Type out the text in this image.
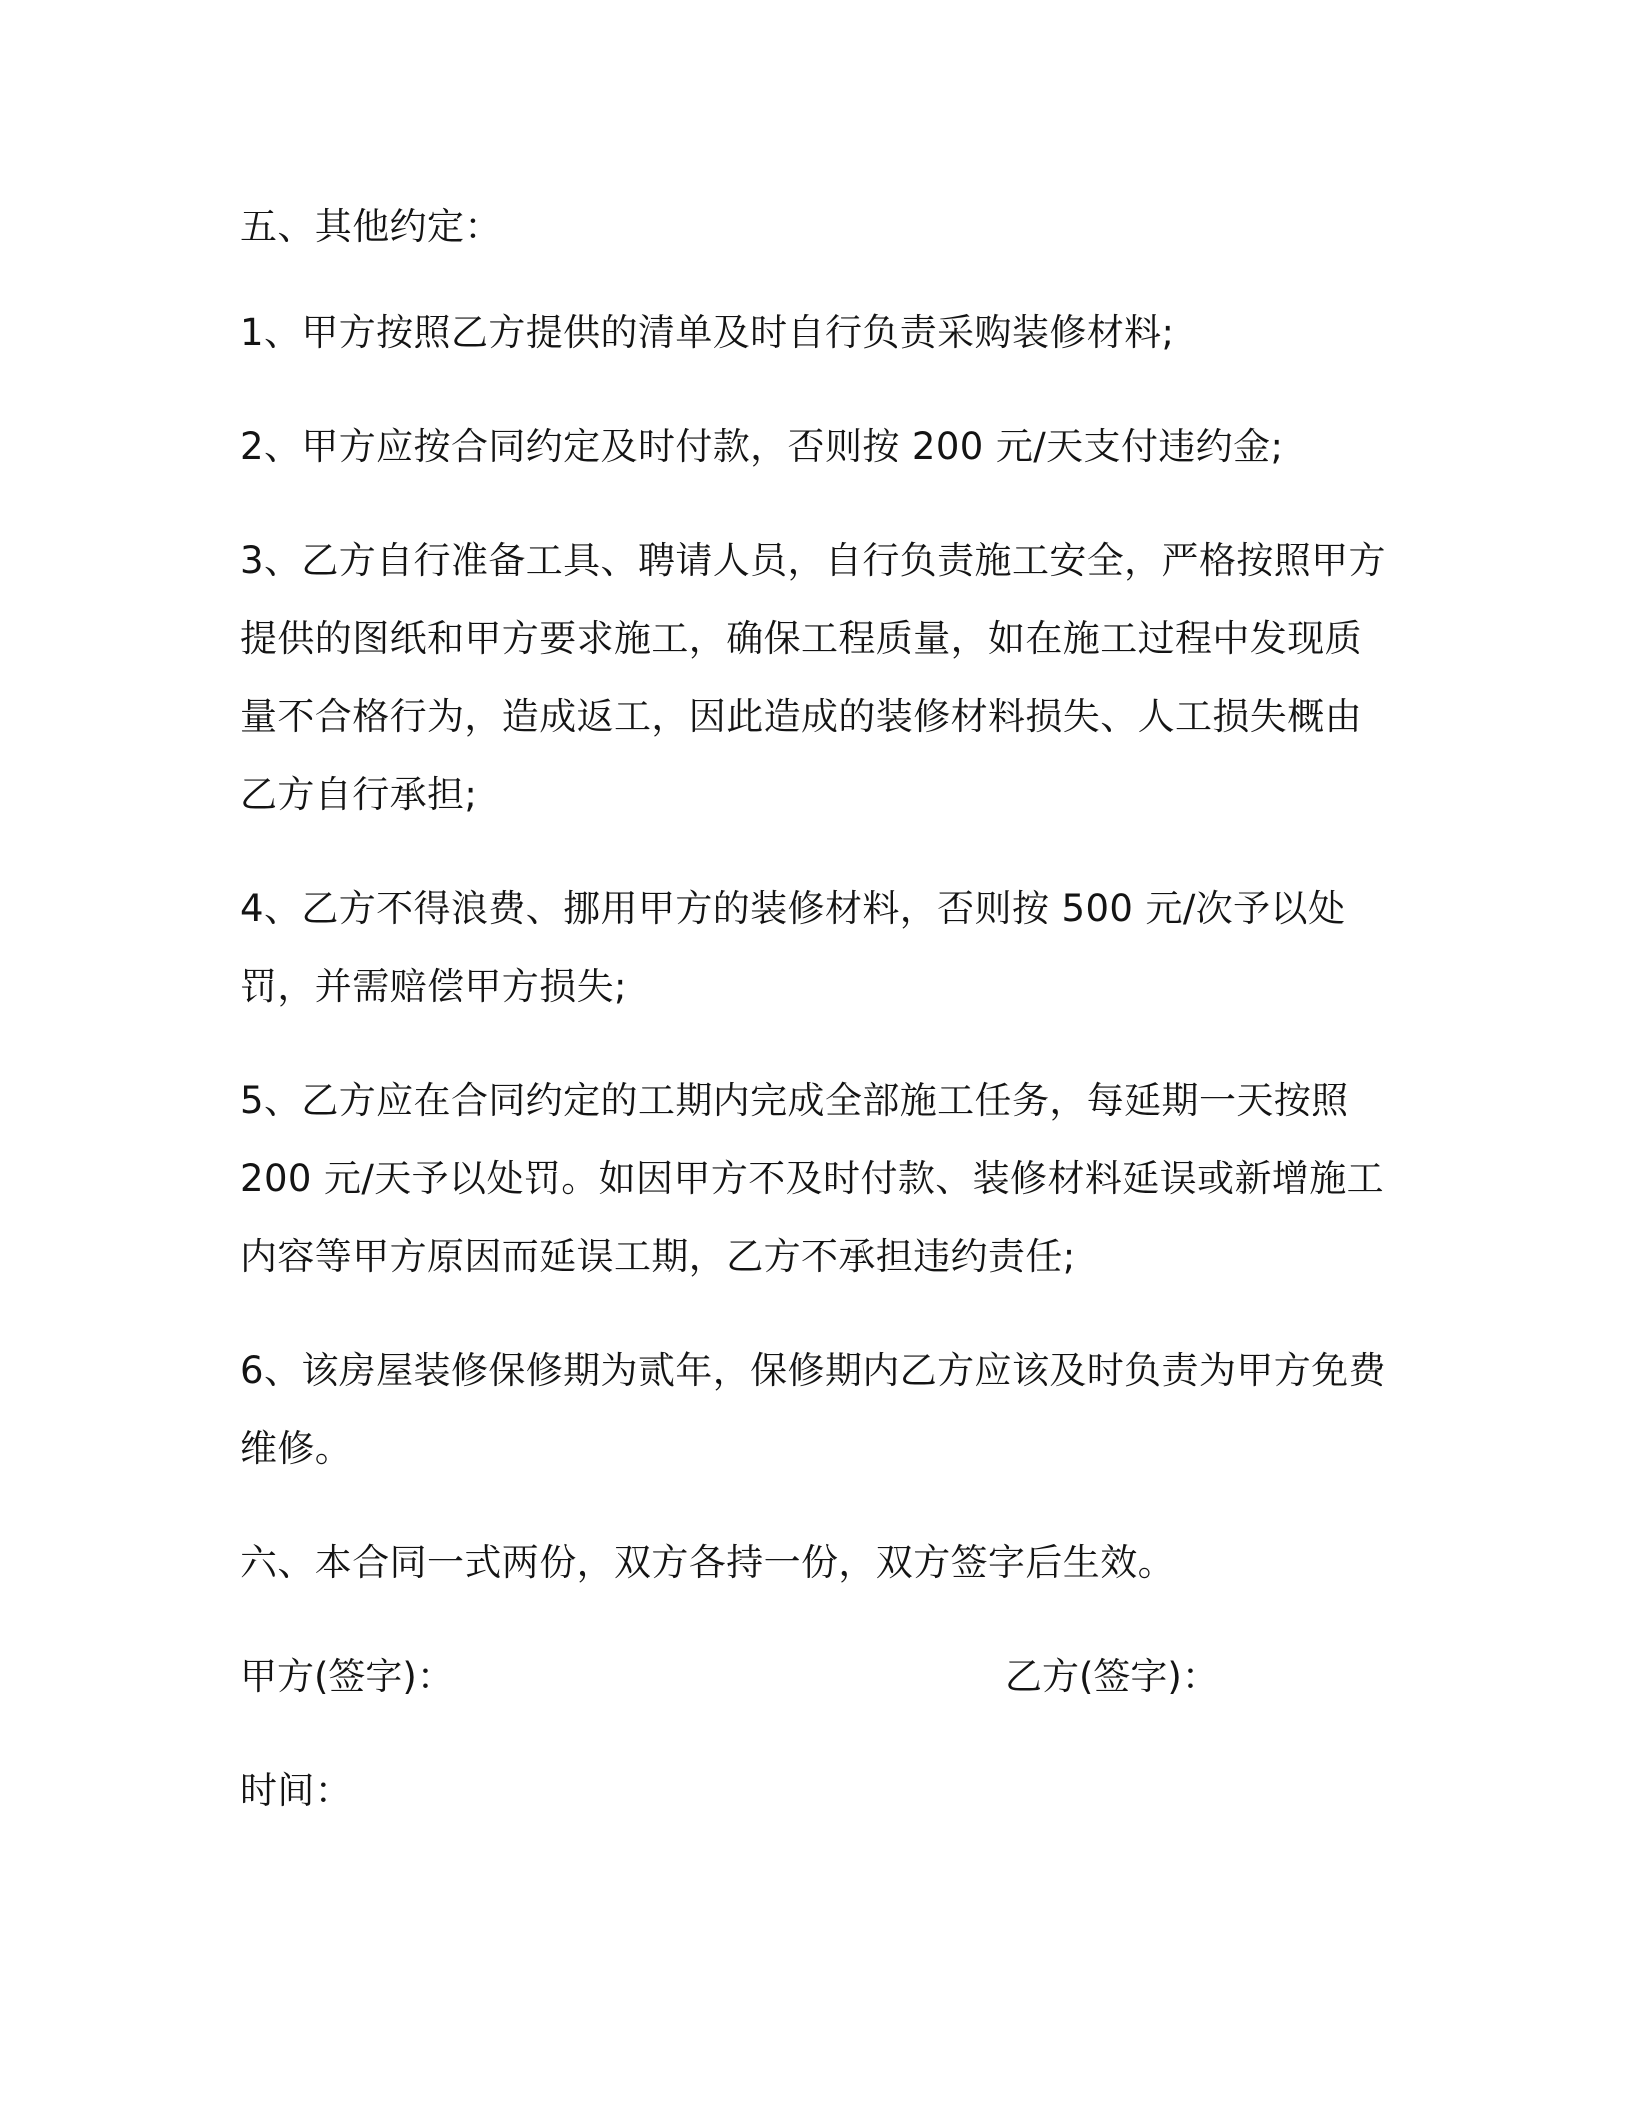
五、其他约定：

1、甲方按照乙方提供的清单及时自行负责采购装修材料;

2、甲方应按合同约定及时付款，否则按 200 元/天支付违约金;

3、乙方自行准备工具、聘请人员，自行负责施工安全，严格按照甲方提供的图纸和甲方要求施工，确保工程质量，如在施工过程中发现质量不合格行为，造成返工，因此造成的装修材料损失、人工损失概由乙方自行承担;

4、乙方不得浪费、挪用甲方的装修材料，否则按 500 元/次予以处罚，并需赔偿甲方损失;

5、乙方应在合同约定的工期内完成全部施工任务，每延期一天按照 200 元/天予以处罚。如因甲方不及时付款、装修材料延误或新增施工内容等甲方原因而延误工期，乙方不承担违约责任;

6、该房屋装修保修期为贰年，保修期内乙方应该及时负责为甲方免费维修。

六、本合同一式两份，双方各持一份，双方签字后生效。

甲方(签字)：	乙方(签字)：

时间：
